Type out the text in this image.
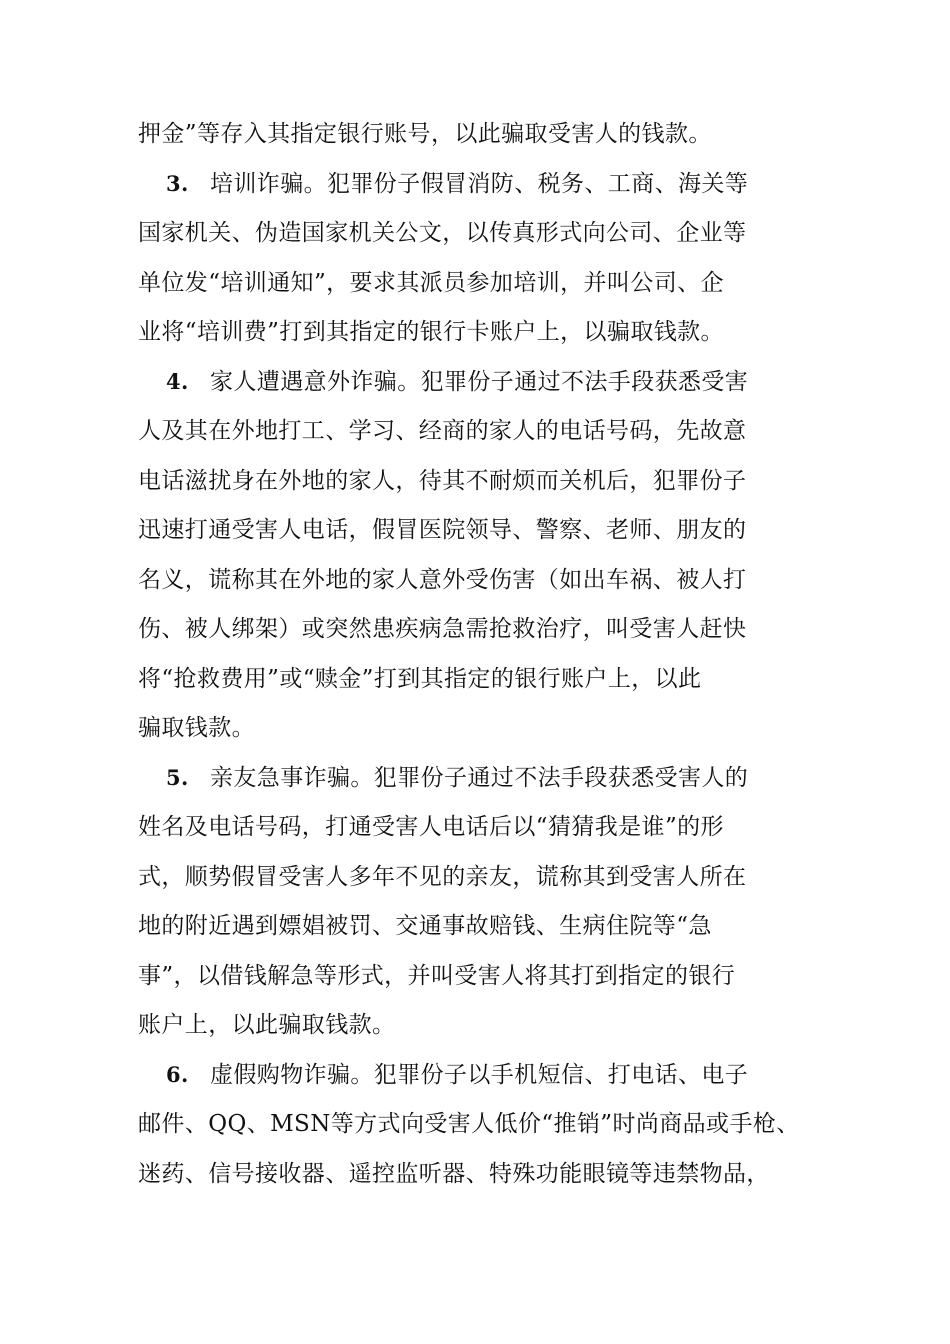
押金”等存入其指定银行账号，以此骗取受害人的钱款。
3. 培训诈骗。犯罪份子假冒消防、税务、工商、海关等
国家机关、伪造国家机关公文，以传真形式向公司、企业等
单位发“培训通知”，要求其派员参加培训，并叫公司、企
业将“培训费”打到其指定的银行卡账户上，以骗取钱款。
4. 家人遭遇意外诈骗。犯罪份子通过不法手段获悉受害
人及其在外地打工、学习、经商的家人的电话号码，先故意
电话滋扰身在外地的家人，待其不耐烦而关机后，犯罪份子
迅速打通受害人电话，假冒医院领导、警察、老师、朋友的
名义，谎称其在外地的家人意外受伤害（如出车祸、被人打
伤、被人绑架）或突然患疾病急需抢救治疗，叫受害人赶快
将“抢救费用”或“赎金”打到其指定的银行账户上，以此
骗取钱款。
5. 亲友急事诈骗。犯罪份子通过不法手段获悉受害人的
姓名及电话号码，打通受害人电话后以“猜猜我是谁”的形
式，顺势假冒受害人多年不见的亲友，谎称其到受害人所在
地的附近遇到嫖娼被罚、交通事故赔钱、生病住院等“急
事”，以借钱解急等形式，并叫受害人将其打到指定的银行
账户上，以此骗取钱款。
6. 虚假购物诈骗。犯罪份子以手机短信、打电话、电子
邮件、QQ、MSN等方式向受害人低价“推销”时尚商品或手枪、
迷药、信号接收器、遥控监听器、特殊功能眼镜等违禁物品，
